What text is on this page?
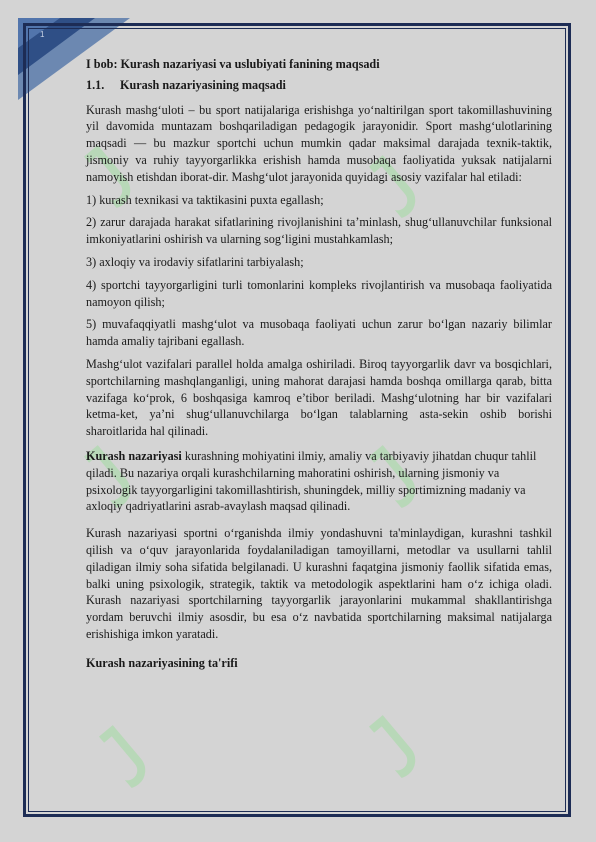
1
I bob: Kurash nazariyasi va uslubiyati fanining maqsadi
1.1. Kurash nazariyasining maqsadi

Kurash mashg‘uloti – bu sport natijalariga erishishga yo‘naltirilgan sport takomillashuvining yil davomida muntazam boshqariladigan pedagogik jarayonidir. Sport mashg‘ulotlarining maqsadi — bu mazkur sportchi uchun mumkin qadar maksimal darajada texnik-taktik, jismoniy va ruhiy tayyorgarlikka erishish hamda musobaqa faoliyatida yuksak natijalarni namoyish etishdan iborat-dir. Mashg‘ulot jarayonida quyidagi asosiy vazifalar hal etiladi:

1) kurash texnikasi va taktikasini puxta egallash;

2) zarur darajada harakat sifatlarining rivojlanishini ta’minlash, shug‘ullanuvchilar funksional imkoniyatlarini oshirish va ularning sog‘ligini mustahkamlash;

3) axloqiy va irodaviy sifatlarini tarbiyalash;

4) sportchi tayyorgarligini turli tomonlarini kompleks rivojlantirish va musobaqa faoliyatida namoyon qilish;

5) muvafaqqiyatli mashg‘ulot va musobaqa faoliyati uchun zarur bo‘lgan nazariy bilimlar hamda amaliy tajribani egallash.

Mashg‘ulot vazifalari parallel holda amalga oshiriladi. Biroq tayyorgarlik davr va bosqichlari, sportchilarning mashqlanganligi, uning mahorat darajasi hamda boshqa omillarga qarab, bitta vazifaga ko‘prok, 6 boshqasiga kamroq e’tibor beriladi. Mashg‘ulotning har bir vazifalari ketma-ket, ya’ni shug‘ullanuvchilarga bo‘lgan talablarning asta-sekin oshib borishi sharoitlarida hal qilinadi.

Kurash nazariyasi kurashning mohiyatini ilmiy, amaliy va tarbiyaviy jihatdan chuqur tahlil qiladi. Bu nazariya orqali kurashchilarning mahoratini oshirish, ularning jismoniy va psixologik tayyorgarligini takomillashtirish, shuningdek, milliy sportimizning madaniy va axloqiy qadriyatlarini asrab-avaylash maqsad qilinadi.

Kurash nazariyasi sportni o‘rganishda ilmiy yondashuvni ta'minlaydigan, kurashni tashkil qilish va o‘quv jarayonlarida foydalaniladigan tamoyillarni, metodlar va usullarni tahlil qiladigan ilmiy soha sifatida belgilanadi. U kurashni faqatgina jismoniy faollik sifatida emas, balki uning psixologik, strategik, taktik va metodologik aspektlarini ham o‘z ichiga oladi. Kurash nazariyasi sportchilarning tayyorgarlik jarayonlarini mukammal shakllantirishga yordam beruvchi ilmiy asosdir, bu esa o‘z navbatida sportchilarning maksimal natijalarga erishishiga imkon yaratadi.

Kurash nazariyasining ta'rifi
